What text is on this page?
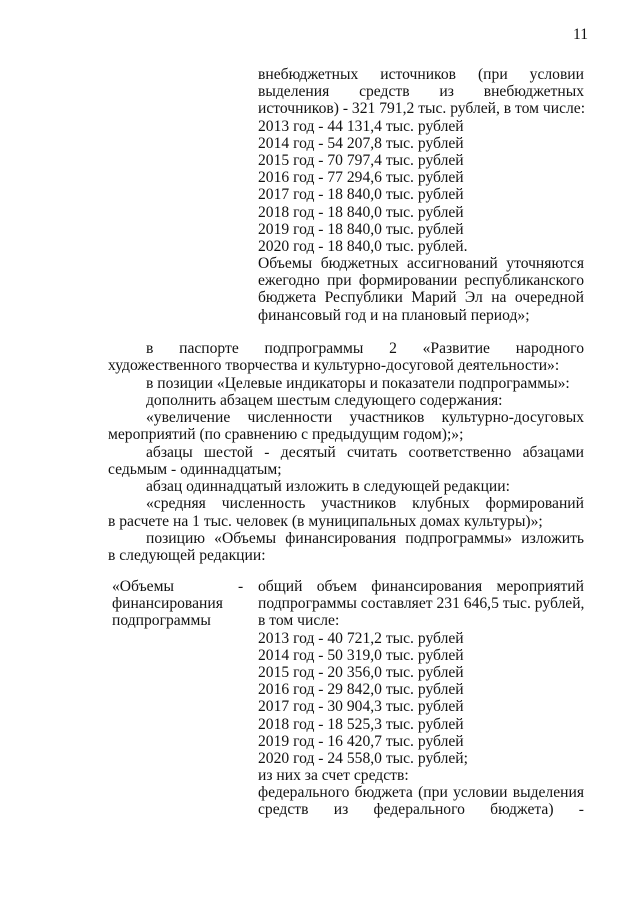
11
внебюджетных источников (при условии
выделения средств из внебюджетных
источников) - 321 791,2 тыс. рублей, в том числе:
2013 год - 44 131,4 тыс. рублей
2014 год - 54 207,8 тыс. рублей
2015 год - 70 797,4 тыс. рублей
2016 год - 77 294,6 тыс. рублей
2017 год - 18 840,0 тыс. рублей
2018 год - 18 840,0 тыс. рублей
2019 год - 18 840,0 тыс. рублей
2020 год - 18 840,0 тыс. рублей.
Объемы бюджетных ассигнований уточняются
ежегодно при формировании республиканского
бюджета Республики Марий Эл на очередной
финансовый год и на плановый период»;
в паспорте подпрограммы 2 «Развитие народного
художественного творчества и культурно-досуговой деятельности»:
в позиции «Целевые индикаторы и показатели подпрограммы»:
дополнить абзацем шестым следующего содержания:
«увеличение численности участников культурно-досуговых
мероприятий (по сравнению с предыдущим годом);»;
абзацы шестой - десятый считать соответственно абзацами
седьмым - одиннадцатым;
абзац одиннадцатый изложить в следующей редакции:
«средняя численность участников клубных формирований
в расчете на 1 тыс. человек (в муниципальных домах культуры)»;
позицию «Объемы финансирования подпрограммы» изложить
в следующей редакции:
«Объемы
финансирования
подпрограммы
- общий объем финансирования мероприятий
подпрограммы составляет 231 646,5 тыс. рублей,
в том числе:
2013 год - 40 721,2 тыс. рублей
2014 год - 50 319,0 тыс. рублей
2015 год - 20 356,0 тыс. рублей
2016 год - 29 842,0 тыс. рублей
2017 год - 30 904,3 тыс. рублей
2018 год - 18 525,3 тыс. рублей
2019 год - 16 420,7 тыс. рублей
2020 год - 24 558,0 тыс. рублей;
из них за счет средств:
федерального бюджета (при условии выделения
средств из федерального бюджета) -
